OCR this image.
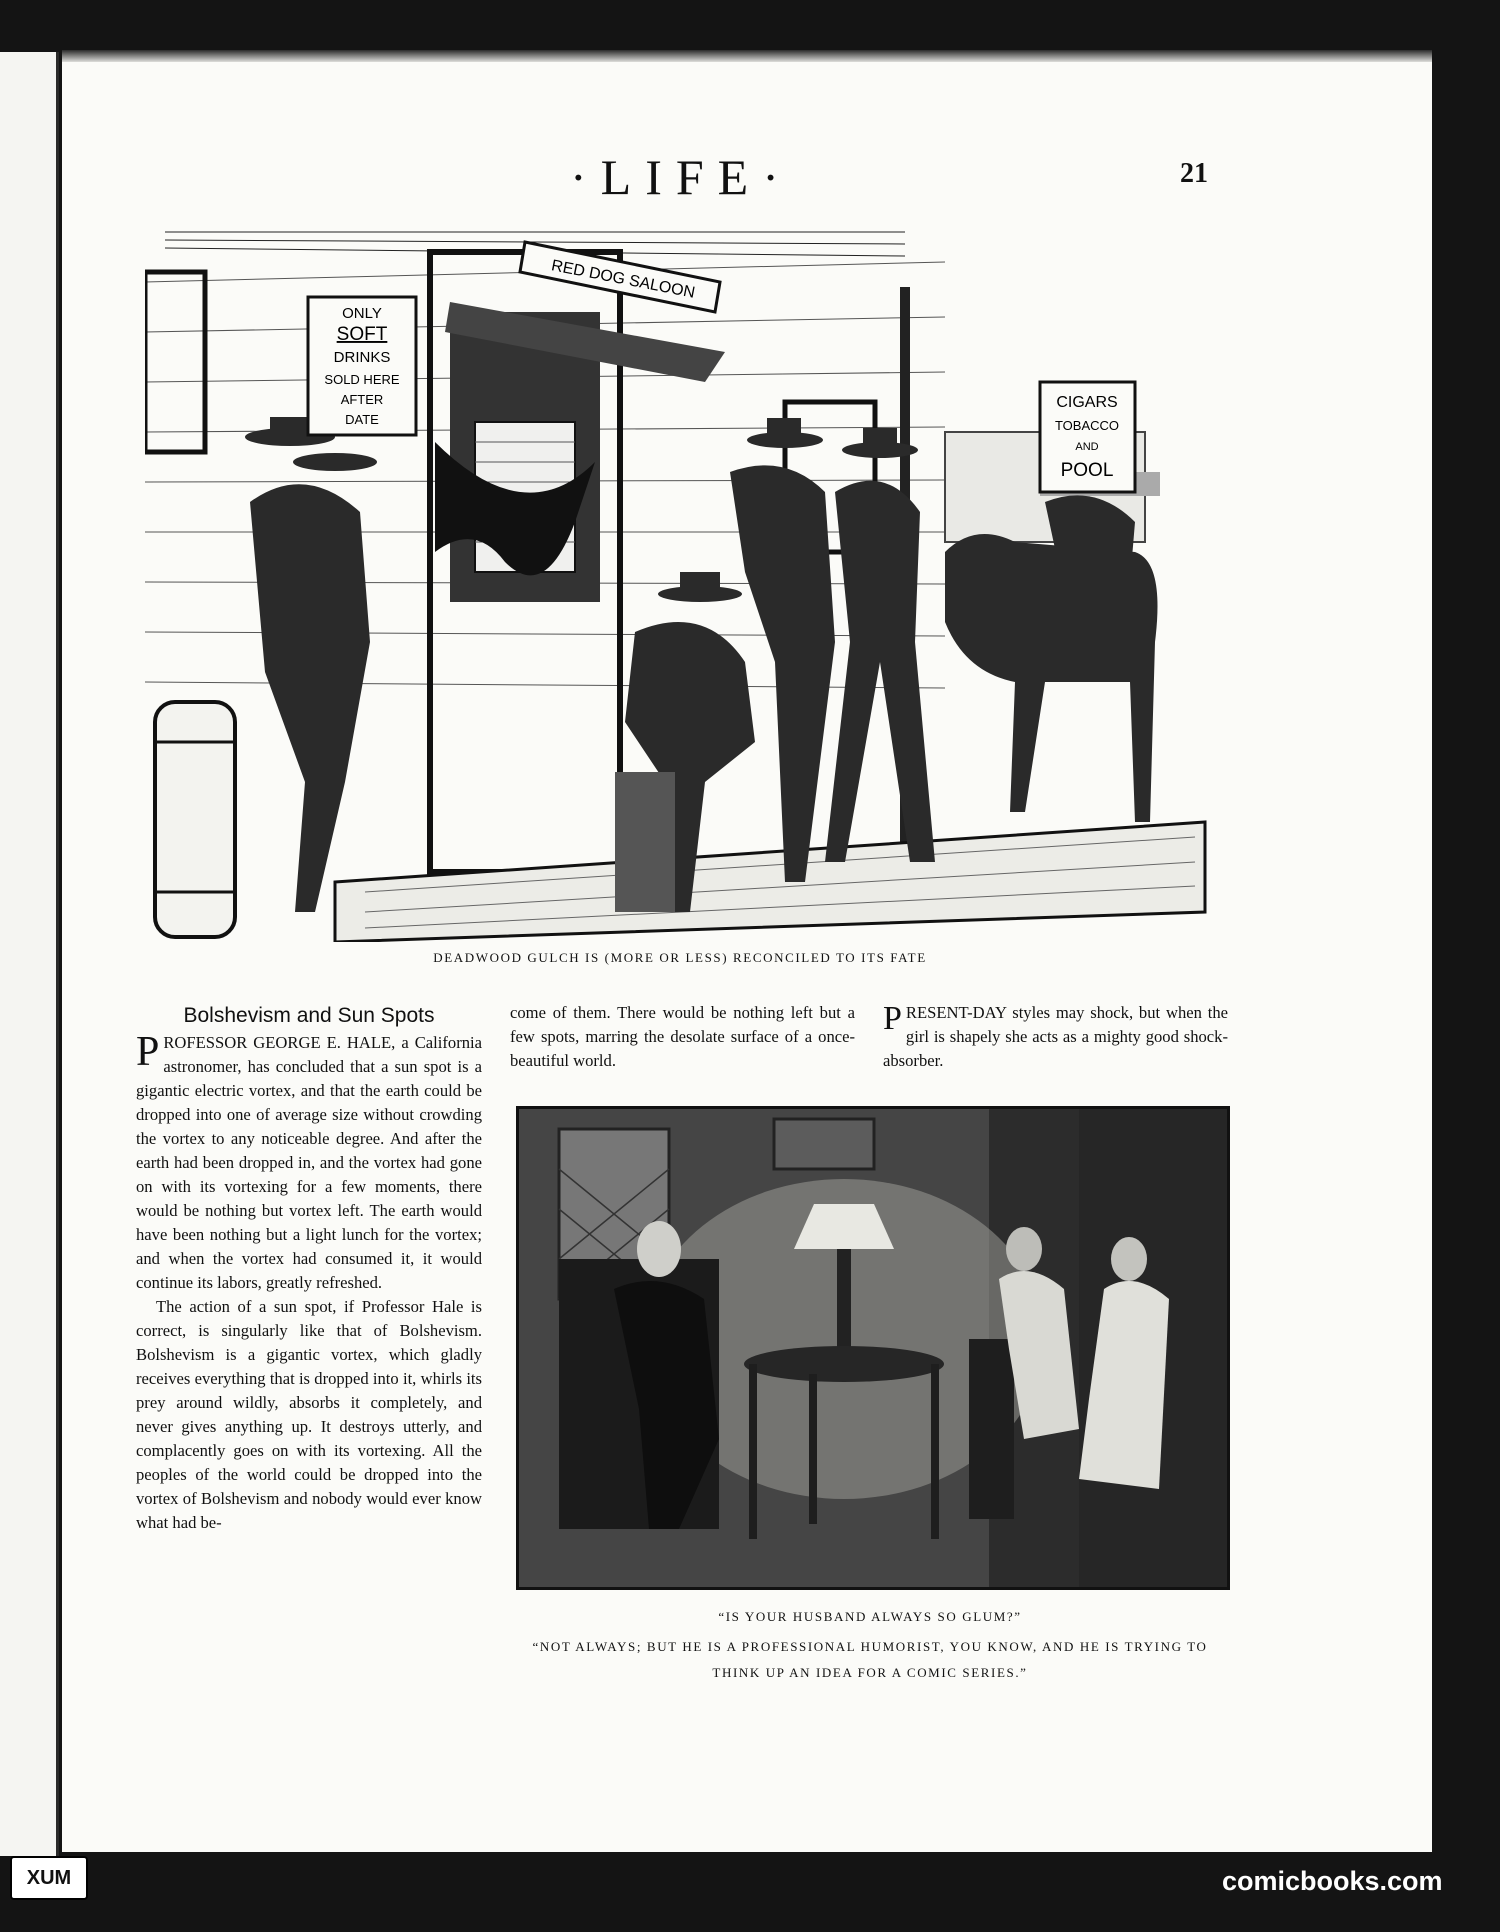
·LIFE·	21
ONLY
SOFT
DRINKS
SOLD HERE
AFTER
DATE
RED DOG SALOON
CIGARS
TOBACCO
AND
POOL
DEADWOOD GULCH IS (MORE OR LESS) RECONCILED TO ITS FATE
Bolshevism and Sun Spots

PROFESSOR GEORGE E. HALE, a California astronomer, has concluded that a sun spot is a gigantic electric vortex, and that the earth could be dropped into one of average size without crowding the vortex to any noticeable degree. And after the earth had been dropped in, and the vortex had gone on with its vortexing for a few moments, there would be nothing but vortex left. The earth would have been nothing but a light lunch for the vortex; and when the vortex had consumed it, it would continue its labors, greatly refreshed.

The action of a sun spot, if Professor Hale is correct, is singularly like that of Bolshevism. Bolshevism is a gigantic vortex, which gladly receives everything that is dropped into it, whirls its prey around wildly, absorbs it completely, and never gives anything up. It destroys utterly, and complacently goes on with its vortexing. All the peoples of the world could be dropped into the vortex of Bolshevism and nobody would ever know what had be-

come of them. There would be nothing left but a few spots, marring the desolate surface of a once-beautiful world.

PRESENT-DAY styles may shock, but when the girl is shapely she acts as a mighty good shock-absorber.

“IS YOUR HUSBAND ALWAYS SO GLUM?”
“NOT ALWAYS; BUT HE IS A PROFESSIONAL HUMORIST, YOU KNOW, AND HE IS TRYING TO THINK UP AN IDEA FOR A COMIC SERIES.”
XUM	comicbooks.com
